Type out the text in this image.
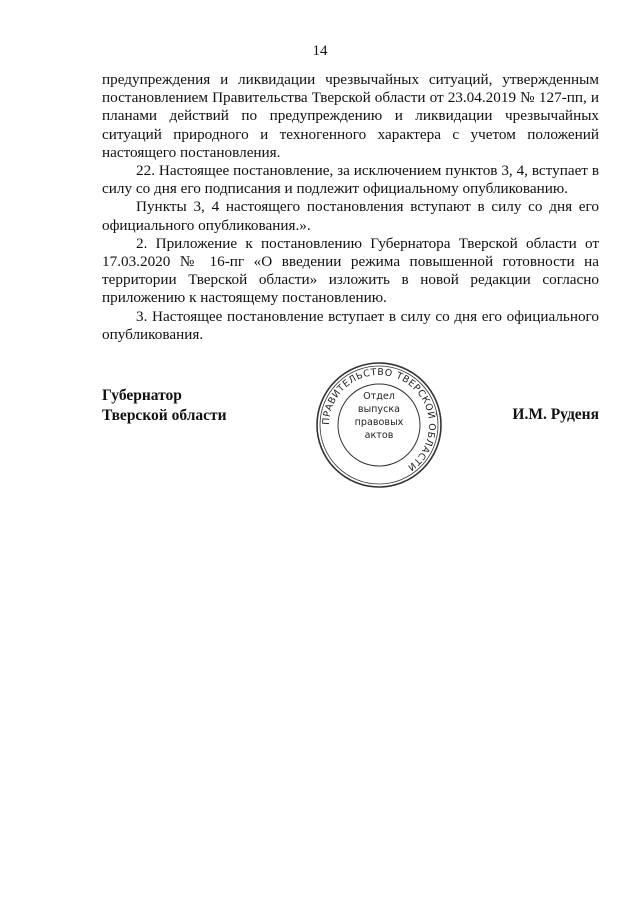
14

предупреждения и ликвидации чрезвычайных ситуаций, утвержденным постановлением Правительства Тверской области от 23.04.2019 № 127-пп, и планами действий по предупреждению и ликвидации чрезвычайных ситуаций природного и техногенного характера с учетом положений настоящего постановления.

22. Настоящее постановление, за исключением пунктов 3, 4, вступает в силу со дня его подписания и подлежит официальному опубликованию.

Пункты 3, 4 настоящего постановления вступают в силу со дня его официального опубликования.».

2. Приложение к постановлению Губернатора Тверской области от 17.03.2020 № 16-пг «О введении режима повышенной готовности на территории Тверской области» изложить в новой редакции согласно приложению к настоящему постановлению.

3. Настоящее постановление вступает в силу со дня его официального опубликования.

Губернатор
Тверской области	ПРАВИТЕЛЬСТВО ТВЕРСКОЙ ОБЛАСТИ
Отдел
выпуска
правовых
актов
И.М. Руденя
